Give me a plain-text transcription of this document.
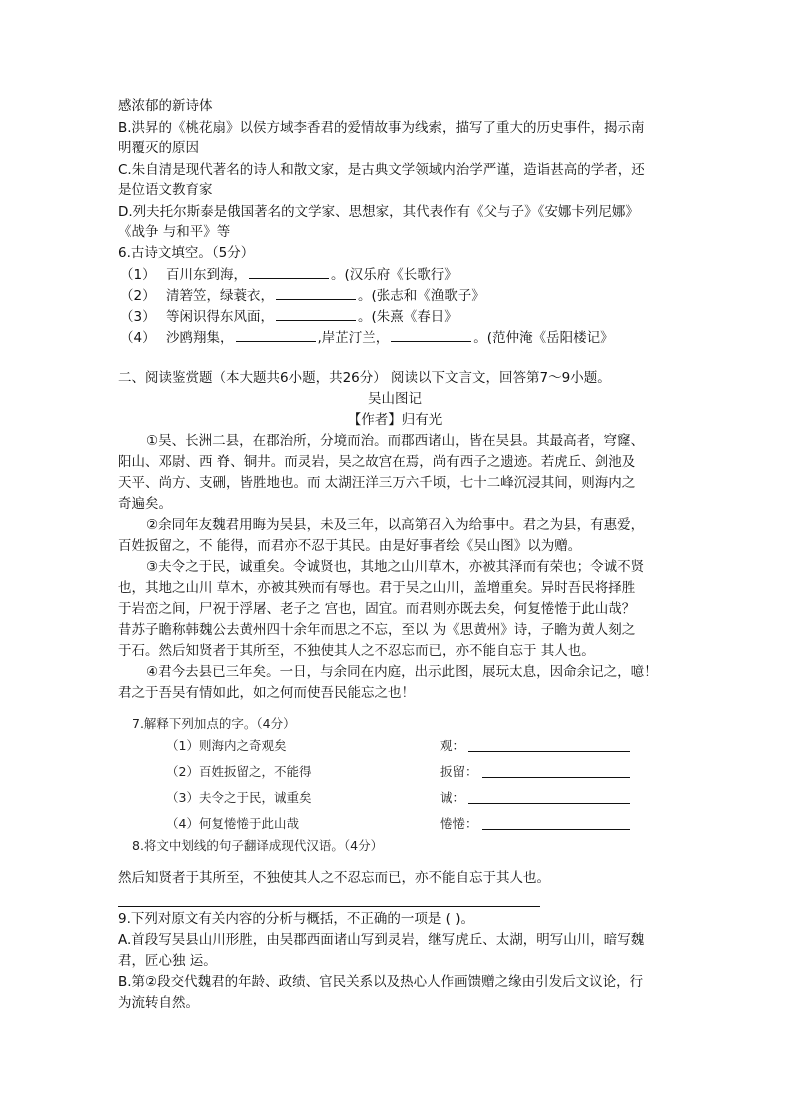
感浓郁的新诗体
B.洪昇的《桃花扇》以侯方域李香君的爱情故事为线索，描写了重大的历史事件，揭示南
明覆灭的原因
C.朱自清是现代著名的诗人和散文家，是古典文学领域内治学严谨，造诣甚高的学者，还
是位语文教育家
D.列夫托尔斯泰是俄国著名的文学家、思想家，其代表作有《父与子》《安娜卡列尼娜》
《战争 与和平》等
6.古诗文填空。（5分）
（1） 百川东到海，	。(汉乐府《长歌行》
（2） 清箬笠，绿蓑衣，	。(张志和《渔歌子》
（3） 等闲识得东风面，	。(朱熹《春日》
（4） 沙鸥翔集，	,岸芷汀兰，	。(范仲淹《岳阳楼记》
二、阅读鉴赏题（本大题共6小题，共26分） 阅读以下文言文，回答第7～9小题。
吴山图记
【作者】归有光
①吴、长洲二县，在郡治所，分境而治。而郡西诸山，皆在吴县。其最高者，穹窿、
阳山、邓尉、西 脊、铜井。而灵岩，吴之故宫在焉，尚有西子之遗迹。若虎丘、剑池及
天平、尚方、支硎，皆胜地也。而 太湖汪洋三万六千顷，七十二峰沉浸其间，则海内之
奇遍矣。
②余同年友魏君用晦为吴县，未及三年，以高第召入为给事中。君之为县，有惠爱，
百姓扳留之，不 能得，而君亦不忍于其民。由是好事者绘《吴山图》以为赠。
③夫令之于民，诚重矣。令诚贤也，其地之山川草木，亦被其泽而有荣也；令诚不贤
也，其地之山川 草木，亦被其殃而有辱也。君于吴之山川，盖增重矣。异时吾民将择胜
于岩峦之间，尸祝于浮屠、老子之 宫也，固宜。而君则亦既去矣，何复惓惓于此山哉？
昔苏子瞻称韩魏公去黄州四十余年而思之不忘，至以 为《思黄州》诗，子瞻为黄人刻之
于石。然后知贤者于其所至，不独使其人之不忍忘而已，亦不能自忘于 其人也。
④君今去县已三年矣。一日，与余同在内庭，出示此图，展玩太息，因命余记之，噫！
君之于吾吴有情如此，如之何而使吾民能忘之也！
7.解释下列加点的字。（4分）
（1）则海内之奇观矣	观：
（2）百姓扳留之，不能得	扳留：
（3）夫令之于民，诚重矣	诚：
（4）何复惓惓于此山哉	惓惓：
8.将文中划线的句子翻译成现代汉语。（4分）
然后知贤者于其所至，不独使其人之不忍忘而已，亦不能自忘于其人也。
9.下列对原文有关内容的分析与概括，不正确的一项是 ( )。
A.首段写吴县山川形胜，由吴郡西面诸山写到灵岩，继写虎丘、太湖，明写山川，暗写魏
君，匠心独 运。
B.第②段交代魏君的年龄、政绩、官民关系以及热心人作画馈赠之缘由引发后文议论，行
为流转自然。
